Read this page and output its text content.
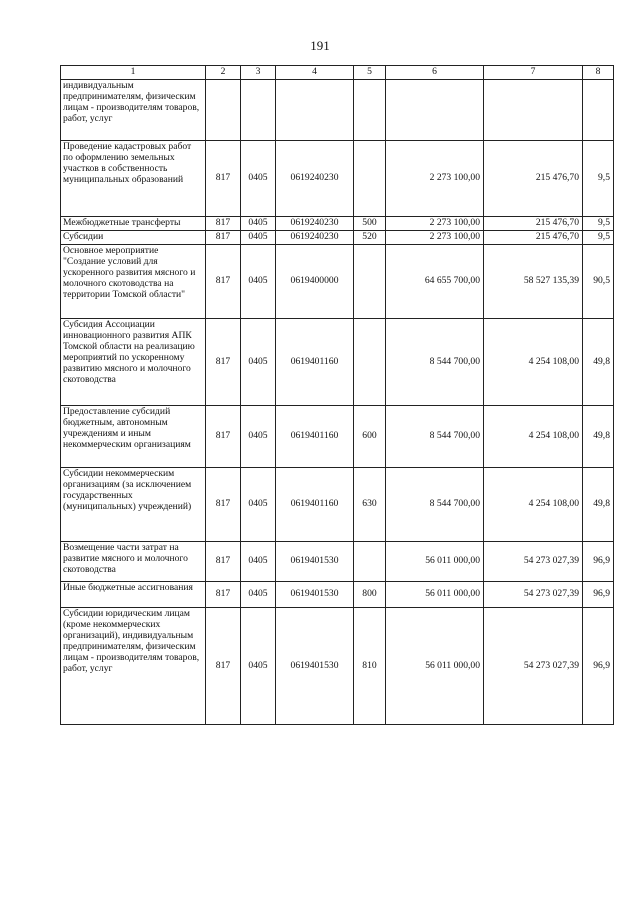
191
1	2	3	4	5	6	7	8
индивидуальным предпринимателям, физическим лицам - производителям товаров, работ, услуг							
Проведение кадастровых работ по оформлению земельных участков в собственность муниципальных образований	817	0405	0619240230		2 273 100,00	215 476,70	9,5
Межбюджетные трансферты	817	0405	0619240230	500	2 273 100,00	215 476,70	9,5
Субсидии	817	0405	0619240230	520	2 273 100,00	215 476,70	9,5
Основное мероприятие "Создание условий для ускоренного развития мясного и молочного скотоводства на территории Томской области"	817	0405	0619400000		64 655 700,00	58 527 135,39	90,5
Субсидия Ассоциации инновационного развития АПК Томской области на реализацию мероприятий по ускоренному развитию мясного и молочного скотоводства	817	0405	0619401160		8 544 700,00	4 254 108,00	49,8
Предоставление субсидий бюджетным, автономным учреждениям и иным некоммерческим организациям	817	0405	0619401160	600	8 544 700,00	4 254 108,00	49,8
Субсидии некоммерческим организациям (за исключением государственных (муниципальных) учреждений)	817	0405	0619401160	630	8 544 700,00	4 254 108,00	49,8
Возмещение части затрат на развитие мясного и молочного скотоводства	817	0405	0619401530		56 011 000,00	54 273 027,39	96,9
Иные бюджетные ассигнования	817	0405	0619401530	800	56 011 000,00	54 273 027,39	96,9
Субсидии юридическим лицам (кроме некоммерческих организаций), индивидуальным предпринимателям, физическим лицам - производителям товаров, работ, услуг	817	0405	0619401530	810	56 011 000,00	54 273 027,39	96,9
